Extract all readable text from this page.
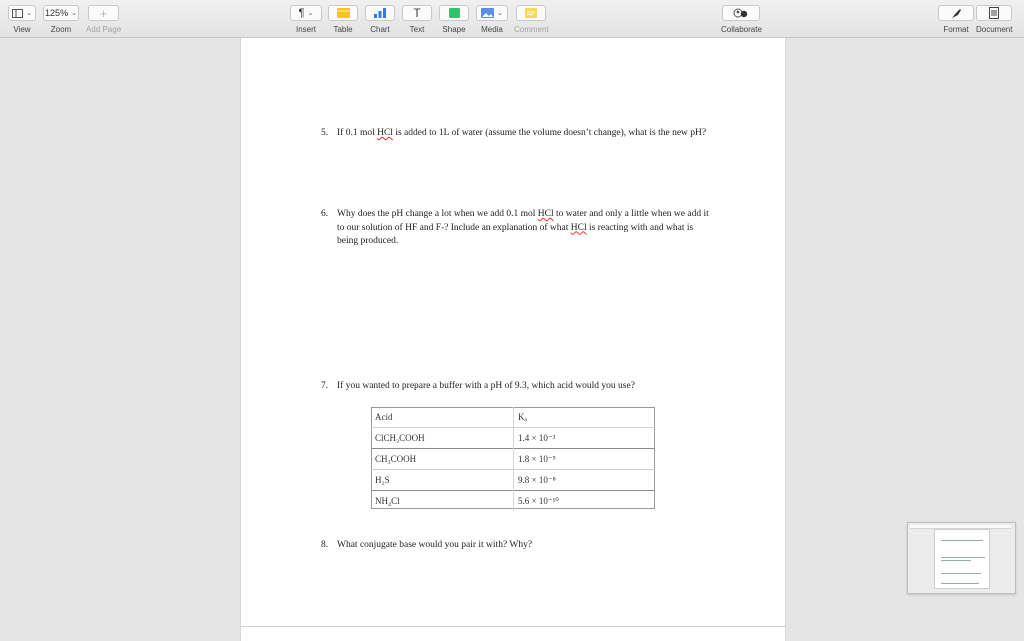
⌄
View
125% ⌄
Zoom
+
Add Page
¶ ⌄
Insert Table Chart
T
Text Shape
⌄
Media Comment	Collaborate	Format Document
5. If 0.1 mol HCl is added to 1L of water (assume the volume doesn’t change), what is the new pH?
6. Why does the pH change a lot when we add 0.1 mol HCl to water and only a little when we add it to our solution of HF and F-? Include an explanation of what HCl is reacting with and what is being produced.
7. If you wanted to prepare a buffer with a pH of 9.3, which acid would you use?
Acid	Kₐ
ClCH₂COOH	1.4 × 10⁻³
CH₃COOH	1.8 × 10⁻⁵
H₂S	9.8 × 10⁻⁸
NH₄Cl	5.6 × 10⁻¹⁰
8. What conjugate base would you pair it with? Why?
